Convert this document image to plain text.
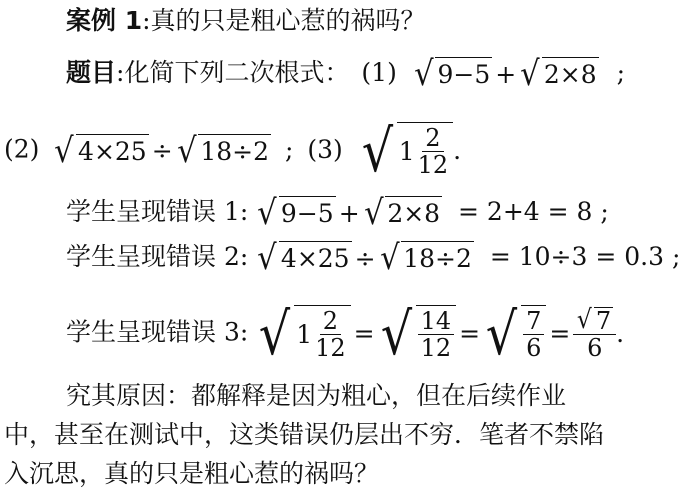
案例 1:真的只是粗心惹的祸吗？
题目:化简下列二次根式： (1) √ 9−5 + √ 2×8 ;
(2) √ 4×25 ÷ √ 18÷2 ; (3) √ $1 \frac{2}{12}$ .
学生呈现错误 1: √ 9−5 + √ 2×8 = 2+4 = 8 ;
学生呈现错误 2: √ 4×25 ÷ √ 18÷2 = 10÷3 = 0.3 ;
学生呈现错误 3: √ $1 \frac{2}{12}$ = √ $\frac{14}{12}$ = √ $\frac{7}{6} = \frac{√ 7}{6}$ .
究其原因：都解释是因为粗心，但在后续作业
中，甚至在测试中，这类错误仍层出不穷．笔者不禁陷
入沉思，真的只是粗心惹的祸吗？
